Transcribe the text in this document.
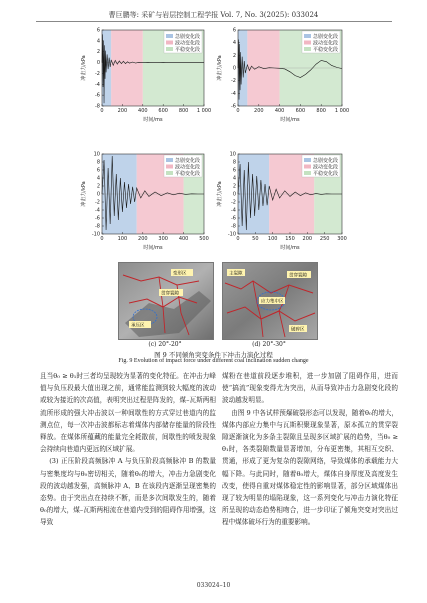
曹巨鹏等: 采矿与岩层控制工程学报 Vol. 7, No. 3(2025): 033024
-8
-6
-4
-2
0
2
4
6
0	200 400 600 800 1 000
时间/ms
冲击力/kPa
急剧变化段
波动变化段
平稳变化段
-6
-4
-2
0
2
4
6
0	200 400 600 800 1 000
时间/ms
冲击力/kPa
急剧变化段
波动变化段
平稳变化段
-10
-8
-6
-4
-2
0
2
4
6
8
10
0	100 200 300 400 500
时间/ms
冲击力/kPa
急剧变化段
波动变化段
平稳变化段
-10
-8
-6
-4
-2
0
2
4
6
8
10
0	50 100 150 200 250 300
时间/ms
冲击力/kPa
急剧变化段
波动变化段
平稳变化段
变形区
贯穿裂隙
承压区
主裂隙
应力集中区
贯穿裂隙
破碎区
(c) 20°-20°	(d) 20°-30°
图 9 不同倾角突变条件下冲击力演化过程
Fig. 9 Evolution of impact force under different coal inclination sudden change

且当θ₀ ≥ θ₁时三者均呈现较为显著的变化特征。在冲击力峰值与负压段最大值出现之前，通常能监测到较大幅度的波动或较为接近的次高值，表明突出过程是阵发的，煤–瓦斯两相流所形成的强大冲击波以一种间歇性的方式穿过巷道内的监测点位，每一次冲击波都标志着煤体内部储存能量的阶段性释放。在煤体所蕴藏的能量完全耗散前，间歇性的喷发现象会持续向巷道内更远的区域扩展。

(3) 正压阶段高频脉冲 A 与负压阶段高频脉冲 B 的数量与密集度均与θ₀密切相关，随着θ₀的增大，冲击力急剧变化段的波动越发强，高频脉冲 A、B 在该段内逐渐呈现密集的态势。由于突出点在持续不断，而是多次间歇发生的，随着θ₀的增大，煤–瓦斯两相流在巷道内受到的阻碍作用增强，这导致

煤粉在巷道前段逐步堆积，进一步加剧了阻碍作用，进而使“搞流”现象变得尤为突出，从而导致冲击力急剧变化段的波动越发明显。

由图 9 中各试样预爆破裂形态可以发现，随着θ₀的增大，煤体内部应力集中与瓦斯积聚现象显著，原本孤立的贯穿裂隙逐渐演化为多条主裂隙且呈现多区域扩展的趋势，当θ₀ ≥ θ₁时，各类裂隙数量显著增加，分布更密集，其相互交织、贯通，形成了更为复杂的裂隙网络，导致煤体的承载能力大幅下降。与此同时，随着θ₀增大，煤体自身厚度及高度发生改变，使得自重对煤体稳定性的影响显著，部分区域煤体出现了较为明显的塌陷现象，这一系列变化与冲击力演化特征所呈现的动态趋势相吻合，进一步印证了倾角突变对突出过程中煤体破坏行为的重要影响。

033024–10
